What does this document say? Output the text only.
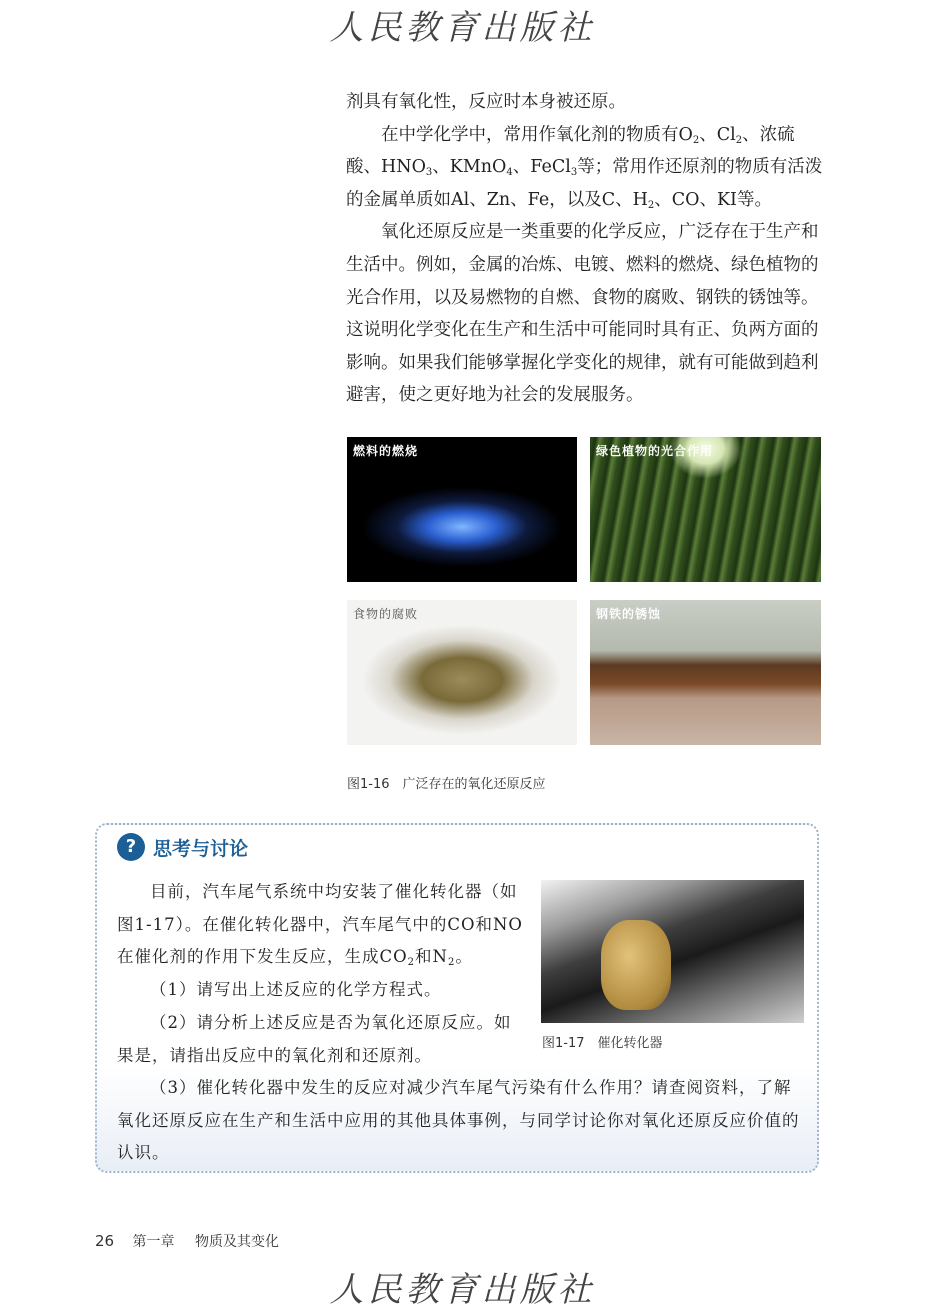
人民教育出版社

剂具有氧化性，反应时本身被还原。

在中学化学中，常用作氧化剂的物质有$O_2$、$Cl_2$、浓硫酸、$HNO_3$、KMnO$_4$、FeCl$_3$等；常用作还原剂的物质有活泼的金属单质如Al、Zn、Fe，以及C、$H_2$、CO、KI等。

氧化还原反应是一类重要的化学反应，广泛存在于生产和生活中。例如，金属的冶炼、电镀、燃料的燃烧、绿色植物的光合作用，以及易燃物的自燃、食物的腐败、钢铁的锈蚀等。这说明化学变化在生产和生活中可能同时具有正、负两方面的影响。如果我们能够掌握化学变化的规律，就有可能做到趋利避害，使之更好地为社会的发展服务。

燃料的燃烧	绿色植物的光合作用
食物的腐败	钢铁的锈蚀
图1-16　广泛存在的氧化还原反应
? 思考与讨论

目前，汽车尾气系统中均安装了催化转化器（如图1-17）。在催化转化器中，汽车尾气中的CO和NO在催化剂的作用下发生反应，生成$CO_2$和$N_2$。

（1）请写出上述反应的化学方程式。

（2）请分析上述反应是否为氧化还原反应。如果是，请指出反应中的氧化剂和还原剂。

（3）催化转化器中发生的反应对减少汽车尾气污染有什么作用？请查阅资料，了解氧化还原反应在生产和生活中应用的其他具体事例，与同学讨论你对氧化还原反应价值的认识。

图1-17　催化转化器
26 第一章 物质及其变化
人民教育出版社
